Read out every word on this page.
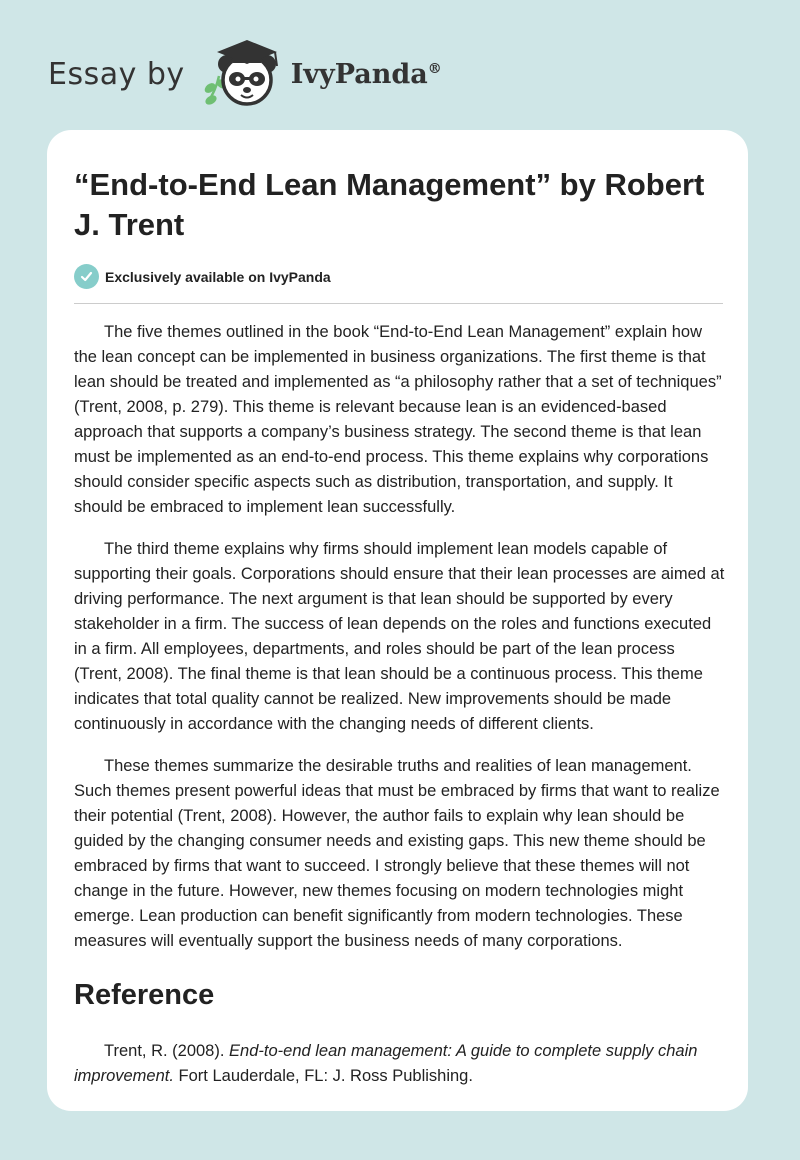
Essay by	IvyPanda®
“End-to-End Lean Management” by Robert J. Trent
Exclusively available on IvyPanda

The five themes outlined in the book “End-to-End Lean Management” explain how the lean concept can be implemented in business organizations. The first theme is that lean should be treated and implemented as “a philosophy rather that a set of techniques” (Trent, 2008, p. 279). This theme is relevant because lean is an evidenced-based approach that supports a company’s business strategy. The second theme is that lean must be implemented as an end-to-end process. This theme explains why corporations should consider specific aspects such as distribution, transportation, and supply. It should be embraced to implement lean successfully.

The third theme explains why firms should implement lean models capable of supporting their goals. Corporations should ensure that their lean processes are aimed at driving performance. The next argument is that lean should be supported by every stakeholder in a firm. The success of lean depends on the roles and functions executed in a firm. All employees, departments, and roles should be part of the lean process (Trent, 2008). The final theme is that lean should be a continuous process. This theme indicates that total quality cannot be realized. New improvements should be made continuously in accordance with the changing needs of different clients.

These themes summarize the desirable truths and realities of lean management. Such themes present powerful ideas that must be embraced by firms that want to realize their potential (Trent, 2008). However, the author fails to explain why lean should be guided by the changing consumer needs and existing gaps. This new theme should be embraced by firms that want to succeed. I strongly believe that these themes will not change in the future. However, new themes focusing on modern technologies might emerge. Lean production can benefit significantly from modern technologies. These measures will eventually support the business needs of many corporations.

Reference

Trent, R. (2008). End-to-end lean management: A guide to complete supply chain improvement. Fort Lauderdale, FL: J. Ross Publishing.
